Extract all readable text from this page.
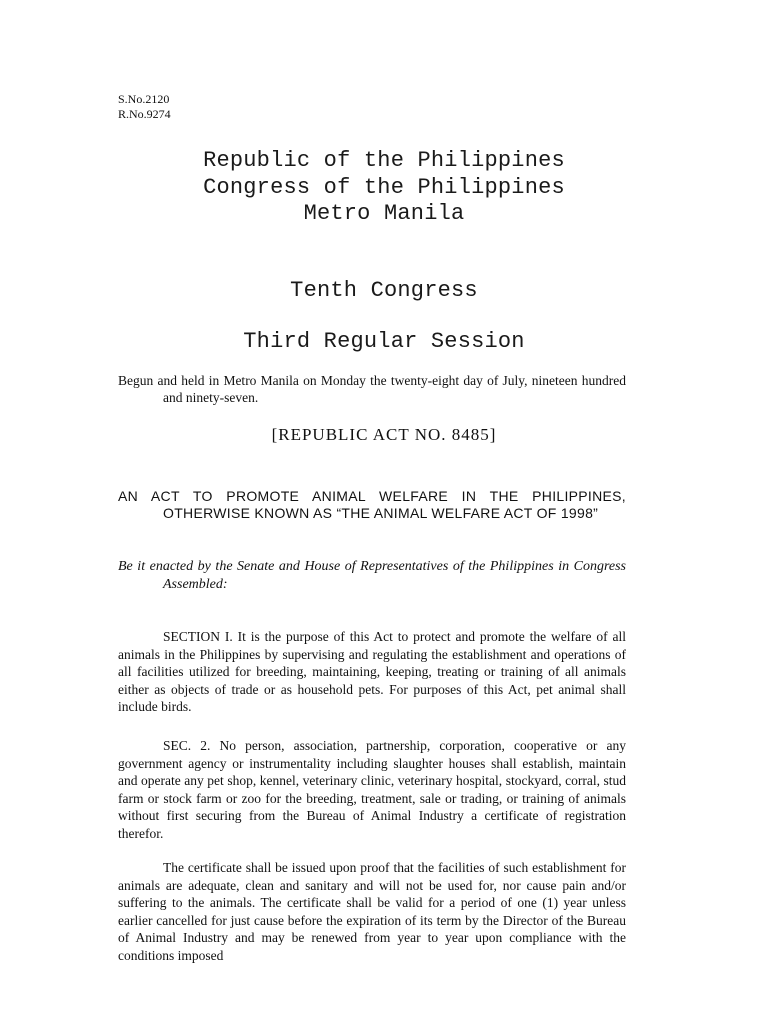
S.No.2120
R.No.9274
Republic of the Philippines
Congress of the Philippines
Metro Manila
Tenth Congress
Third Regular Session
Begun and held in Metro Manila on Monday the twenty-eight day of July, nineteen hundred and ninety-seven.
[REPUBLIC ACT NO. 8485]
AN ACT TO PROMOTE ANIMAL WELFARE IN THE PHILIPPINES, OTHERWISE KNOWN AS “THE ANIMAL WELFARE ACT OF 1998”
Be it enacted by the Senate and House of Representatives of the Philippines in Congress Assembled:

SECTION I. It is the purpose of this Act to protect and promote the welfare of all animals in the Philippines by supervising and regulating the establishment and operations of all facilities utilized for breeding, maintaining, keeping, treating or training of all animals either as objects of trade or as household pets. For purposes of this Act, pet animal shall include birds.

SEC. 2. No person, association, partnership, corporation, cooperative or any government agency or instrumentality including slaughter houses shall establish, maintain and operate any pet shop, kennel, veterinary clinic, veterinary hospital, stockyard, corral, stud farm or stock farm or zoo for the breeding, treatment, sale or trading, or training of animals without first securing from the Bureau of Animal Industry a certificate of registration therefor.

The certificate shall be issued upon proof that the facilities of such establishment for animals are adequate, clean and sanitary and will not be used for, nor cause pain and/or suffering to the animals. The certificate shall be valid for a period of one (1) year unless earlier cancelled for just cause before the expiration of its term by the Director of the Bureau of Animal Industry and may be renewed from year to year upon compliance with the conditions imposed
